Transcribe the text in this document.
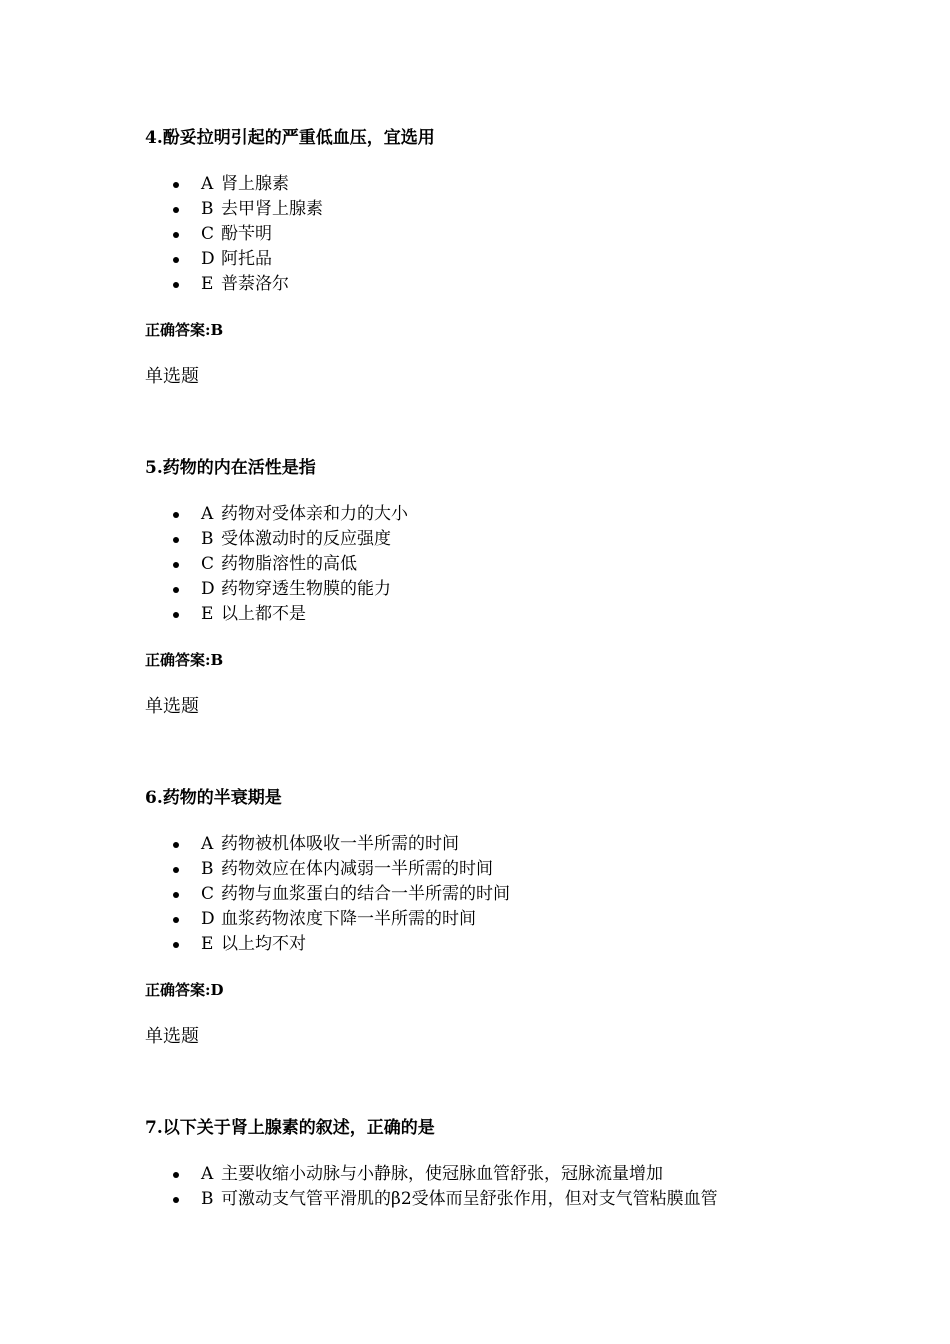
4.酚妥拉明引起的严重低血压，宜选用

A 肾上腺素
B 去甲肾上腺素
C 酚苄明
D 阿托品
E 普萘洛尔
正确答案:B
单选题

5.药物的内在活性是指

A 药物对受体亲和力的大小
B 受体激动时的反应强度
C 药物脂溶性的高低
D 药物穿透生物膜的能力
E 以上都不是
正确答案:B
单选题

6.药物的半衰期是

A 药物被机体吸收一半所需的时间
B 药物效应在体内减弱一半所需的时间
C 药物与血浆蛋白的结合一半所需的时间
D 血浆药物浓度下降一半所需的时间
E 以上均不对
正确答案:D
单选题

7.以下关于肾上腺素的叙述，正确的是

A 主要收缩小动脉与小静脉，使冠脉血管舒张，冠脉流量增加
B 可激动支气管平滑肌的β2受体而呈舒张作用，但对支气管粘膜血管
